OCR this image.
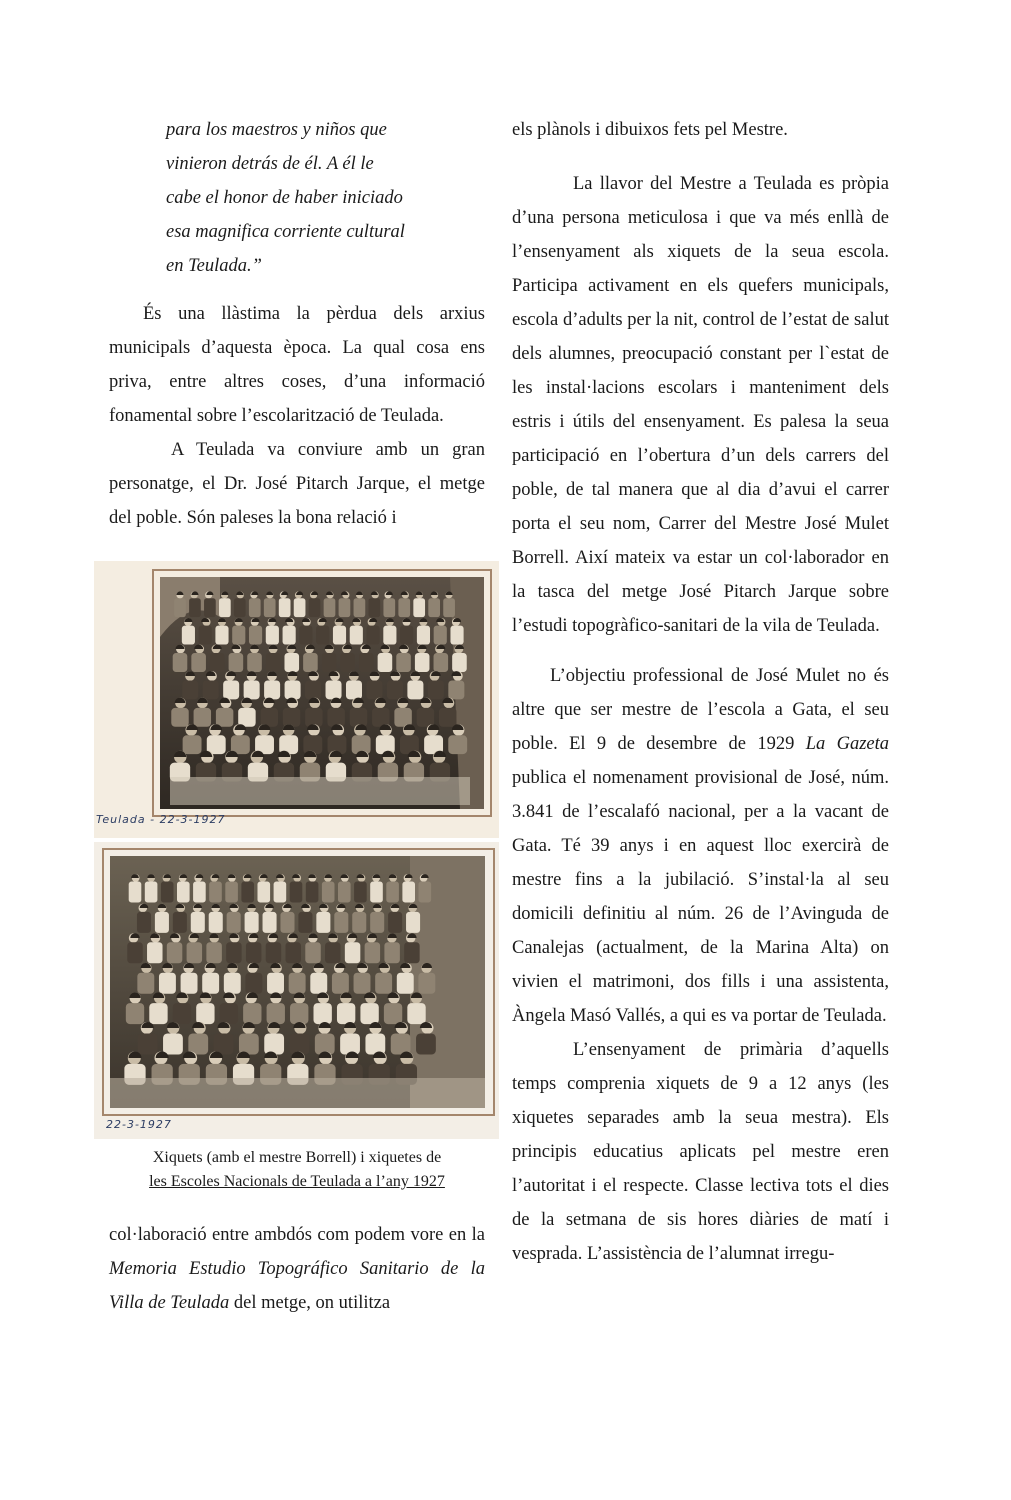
para los maestros y niños que

vinieron detrás de él. A él le

cabe el honor de haber iniciado

esa magnifica corriente cultural

en Teulada.”

És una llàstima la pèrdua dels arxius municipals d’aquesta època. La qual cosa ens priva, entre altres coses, d’una informació fonamental sobre l’escolarització de Teulada.

A Teulada va conviure amb un gran personatge, el Dr. José Pitarch Jarque, el metge del poble. Són paleses la bona relació i

Teulada - 22-3-1927
22-3-1927
Xiquets (amb el mestre Borrell) i xiquetes de
les Escoles Nacionals de Teulada a l’any 1927

col·laboració entre ambdós com podem vore en la Memoria Estudio Topográfico Sanitario de la Villa de Teulada del metge, on utilitza

els plànols i dibuixos fets pel Mestre.

La llavor del Mestre a Teulada es pròpia d’una persona meticulosa i que va més enllà de l’ensenyament als xiquets de la seua escola. Participa activament en els quefers municipals, escola d’adults per la nit, control de l’estat de salut dels alumnes, preocupació constant per l`estat de les instal·lacions escolars i manteniment dels estris i útils del ensenyament. Es palesa la seua participació en l’obertura d’un dels carrers del poble, de tal manera que al dia d’avui el carrer porta el seu nom, Carrer del Mestre José Mulet Borrell. Així mateix va estar un col·laborador en la tasca del metge José Pitarch Jarque sobre l’estudi topogràfico-sanitari de la vila de Teulada.

L’objectiu professional de José Mulet no és altre que ser mestre de l’escola a Gata, el seu poble. El 9 de desembre de 1929 La Gazeta publica el nomenament provisional de José, núm. 3.841 de l’escalafó nacional, per a la vacant de Gata. Té 39 anys i en aquest lloc exercirà de mestre fins a la jubilació. S’instal·la al seu domicili definitiu al núm. 26 de l’Avinguda de Canalejas (actualment, de la Marina Alta) on vivien el matrimoni, dos fills i una assistenta, Àngela Masó Vallés, a qui es va portar de Teulada.

L’ensenyament de primària d’aquells temps comprenia xiquets de 9 a 12 anys (les xiquetes separades amb la seua mestra). Els principis educatius aplicats pel mestre eren l’autoritat i el respecte. Classe lectiva tots el dies de la setmana de sis hores diàries de matí i vesprada. L’assistència de l’alumnat irregu-
